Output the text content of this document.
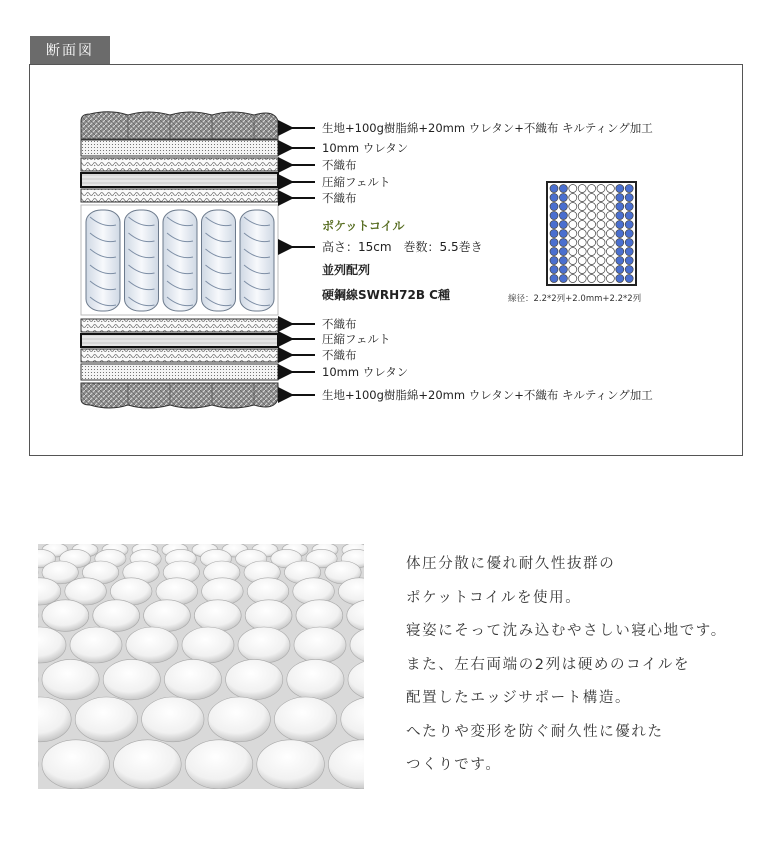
断面図
生地+100g樹脂綿+20mm ウレタン+不織布 キルティング加工
10mm ウレタン
不織布
圧縮フェルト
不織布
不織布
圧縮フェルト
不織布
10mm ウレタン
生地+100g樹脂綿+20mm ウレタン+不織布 キルティング加工
ポケットコイル
高さ：15cm　巻数：5.5巻き
並列配列
硬鋼線SWRH72B C種	線径：2.2*2列+2.0mm+2.2*2列
体圧分散に優れ耐久性抜群の
ポケットコイルを使用。
寝姿にそって沈み込むやさしい寝心地です。
また、左右両端の2列は硬めのコイルを
配置したエッジサポート構造。
へたりや変形を防ぐ耐久性に優れた
つくりです。
